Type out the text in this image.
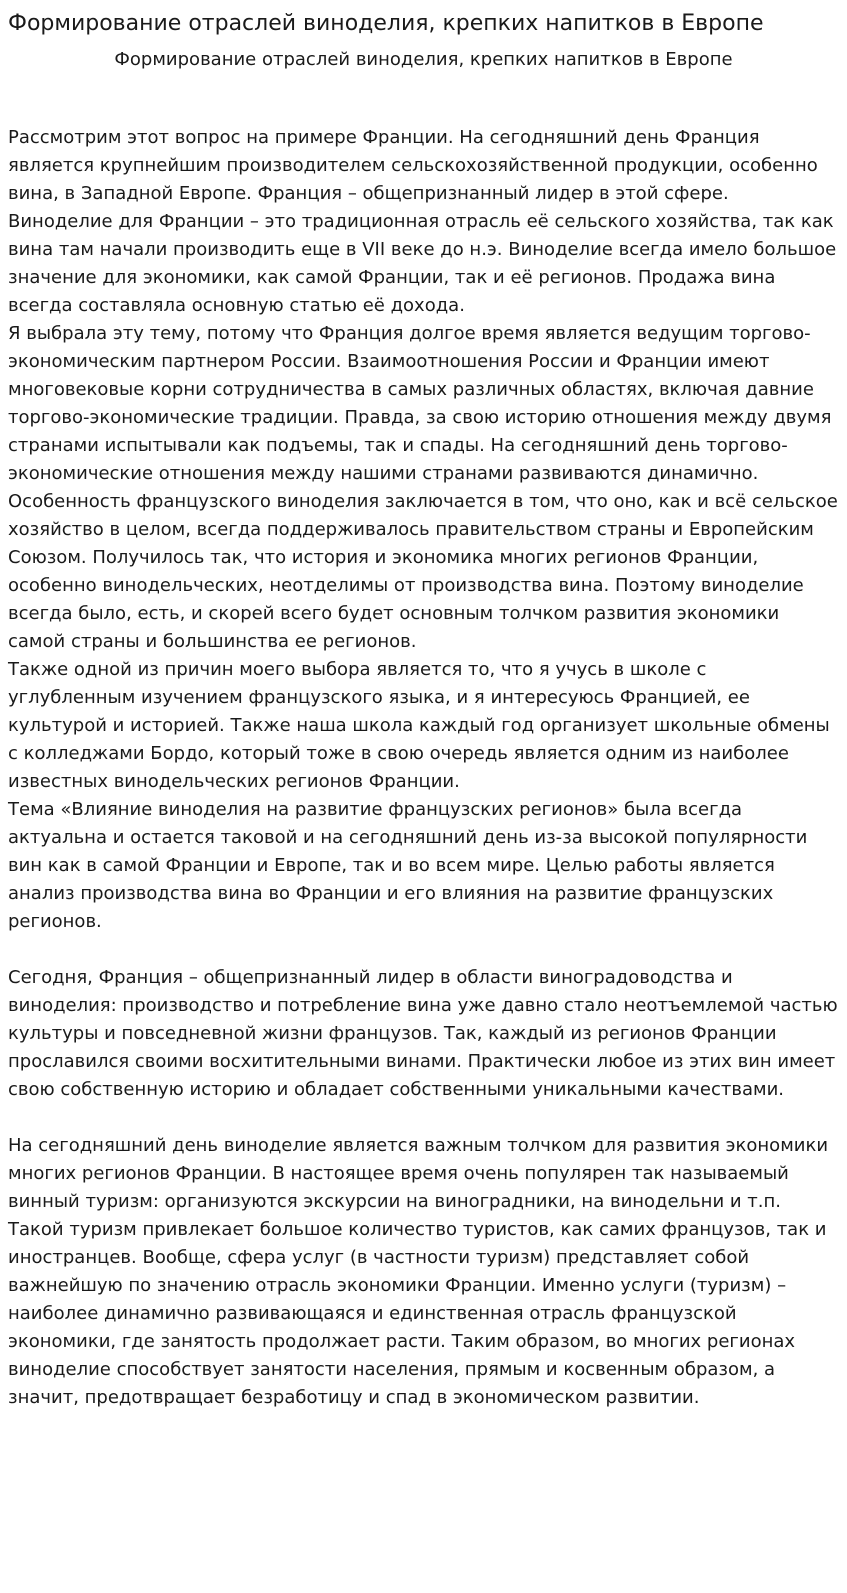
Формирование отраслей виноделия, крепких напитков в Европе
Формирование отраслей виноделия, крепких напитков в Европе

Рассмотрим этот вопрос на примере Франции. На сегодняшний день Франция является крупнейшим производителем сельскохозяйственной продукции, особенно вина, в Западной Европе. Франция – общепризнанный лидер в этой сфере. Виноделие для Франции – это традиционная отрасль её сельского хозяйства, так как вина там начали производить еще в VII веке до н.э. Виноделие всегда имело большое значение для экономики, как самой Франции, так и её регионов. Продажа вина всегда составляла основную статью её дохода.

Я выбрала эту тему, потому что Франция долгое время является ведущим торгово-экономическим партнером России. Взаимоотношения России и Франции имеют многовековые корни сотрудничества в самых различных областях, включая давние торгово-экономические традиции. Правда, за свою историю отношения между двумя странами испытывали как подъемы, так и спады. На сегодняшний день торгово-экономические отношения между нашими странами развиваются динамично.

Особенность французского виноделия заключается в том, что оно, как и всё сельское хозяйство в целом, всегда поддерживалось правительством страны и Европейским Союзом. Получилось так, что история и экономика многих регионов Франции, особенно винодельческих, неотделимы от производства вина. Поэтому виноделие всегда было, есть, и скорей всего будет основным толчком развития экономики самой страны и большинства ее регионов.

Также одной из причин моего выбора является то, что я учусь в школе с углубленным изучением французского языка, и я интересуюсь Францией, ее культурой и историей. Также наша школа каждый год организует школьные обмены с колледжами Бордо, который тоже в свою очередь является одним из наиболее известных винодельческих регионов Франции.

Тема «Влияние виноделия на развитие французских регионов» была всегда актуальна и остается таковой и на сегодняшний день из-за высокой популярности вин как в самой Франции и Европе, так и во всем мире. Целью работы является анализ производства вина во Франции и его влияния на развитие французских регионов.

Сегодня, Франция – общепризнанный лидер в области виноградоводства и виноделия: производство и потребление вина уже давно стало неотъемлемой частью культуры и повседневной жизни французов. Так, каждый из регионов Франции прославился своими восхитительными винами. Практически любое из этих вин имеет свою собственную историю и обладает собственными уникальными качествами.

На сегодняшний день виноделие является важным толчком для развития экономики многих регионов Франции. В настоящее время очень популярен так называемый винный туризм: организуются экскурсии на виноградники, на винодельни и т.п. Такой туризм привлекает большое количество туристов, как самих французов, так и иностранцев. Вообще, сфера услуг (в частности туризм) представляет собой важнейшую по значению отрасль экономики Франции. Именно услуги (туризм) – наиболее динамично развивающаяся и единственная отрасль французской экономики, где занятость продолжает расти. Таким образом, во многих регионах виноделие способствует занятости населения, прямым и косвенным образом, а значит, предотвращает безработицу и спад в экономическом развитии.
